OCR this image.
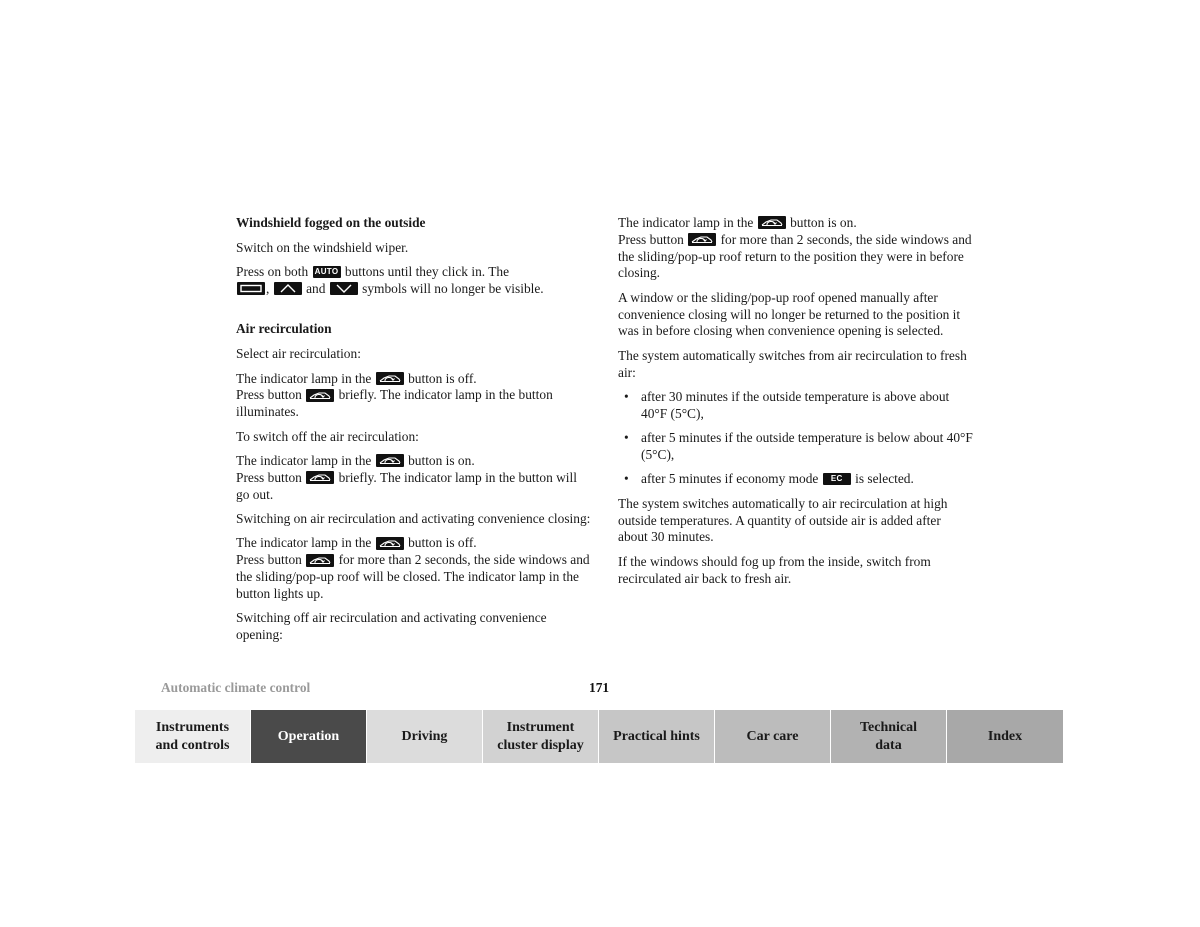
Windshield fogged on the outside

Switch on the windshield wiper.

Press on both AUTO buttons until they click in. The

,	and	symbols will no longer be visible.

Air recirculation

Select air recirculation:

The indicator lamp in the	button is off.
Press button	briefly. The indicator lamp in the button illuminates.

To switch off the air recirculation:

The indicator lamp in the	button is on.
Press button	briefly. The indicator lamp in the button will go out.

Switching on air recirculation and activating convenience closing:

The indicator lamp in the	button is off.
Press button	for more than 2 seconds, the side windows and the sliding/pop-up roof will be closed. The indicator lamp in the button lights up.

Switching off air recirculation and activating convenience opening:

The indicator lamp in the	button is on.
Press button	for more than 2 seconds, the side windows and the sliding/pop-up roof return to the position they were in before closing.

A window or the sliding/pop-up roof opened manually after convenience closing will no longer be returned to the position it was in before closing when convenience opening is selected.

The system automatically switches from air recirculation to fresh air:

• after 30 minutes if the outside temperature is above about 40°F (5°C),
• after 5 minutes if the outside temperature is below about 40°F (5°C),
• after 5 minutes if economy mode EC is selected.

The system switches automatically to air recirculation at high outside temperatures. A quantity of outside air is added after about 30 minutes.

If the windows should fog up from the inside, switch from recirculated air back to fresh air.

Automatic climate control	171
Instruments
and controls
Operation	Driving
Instrument
cluster display
Practical hints	Car care
Technical
data
Index
